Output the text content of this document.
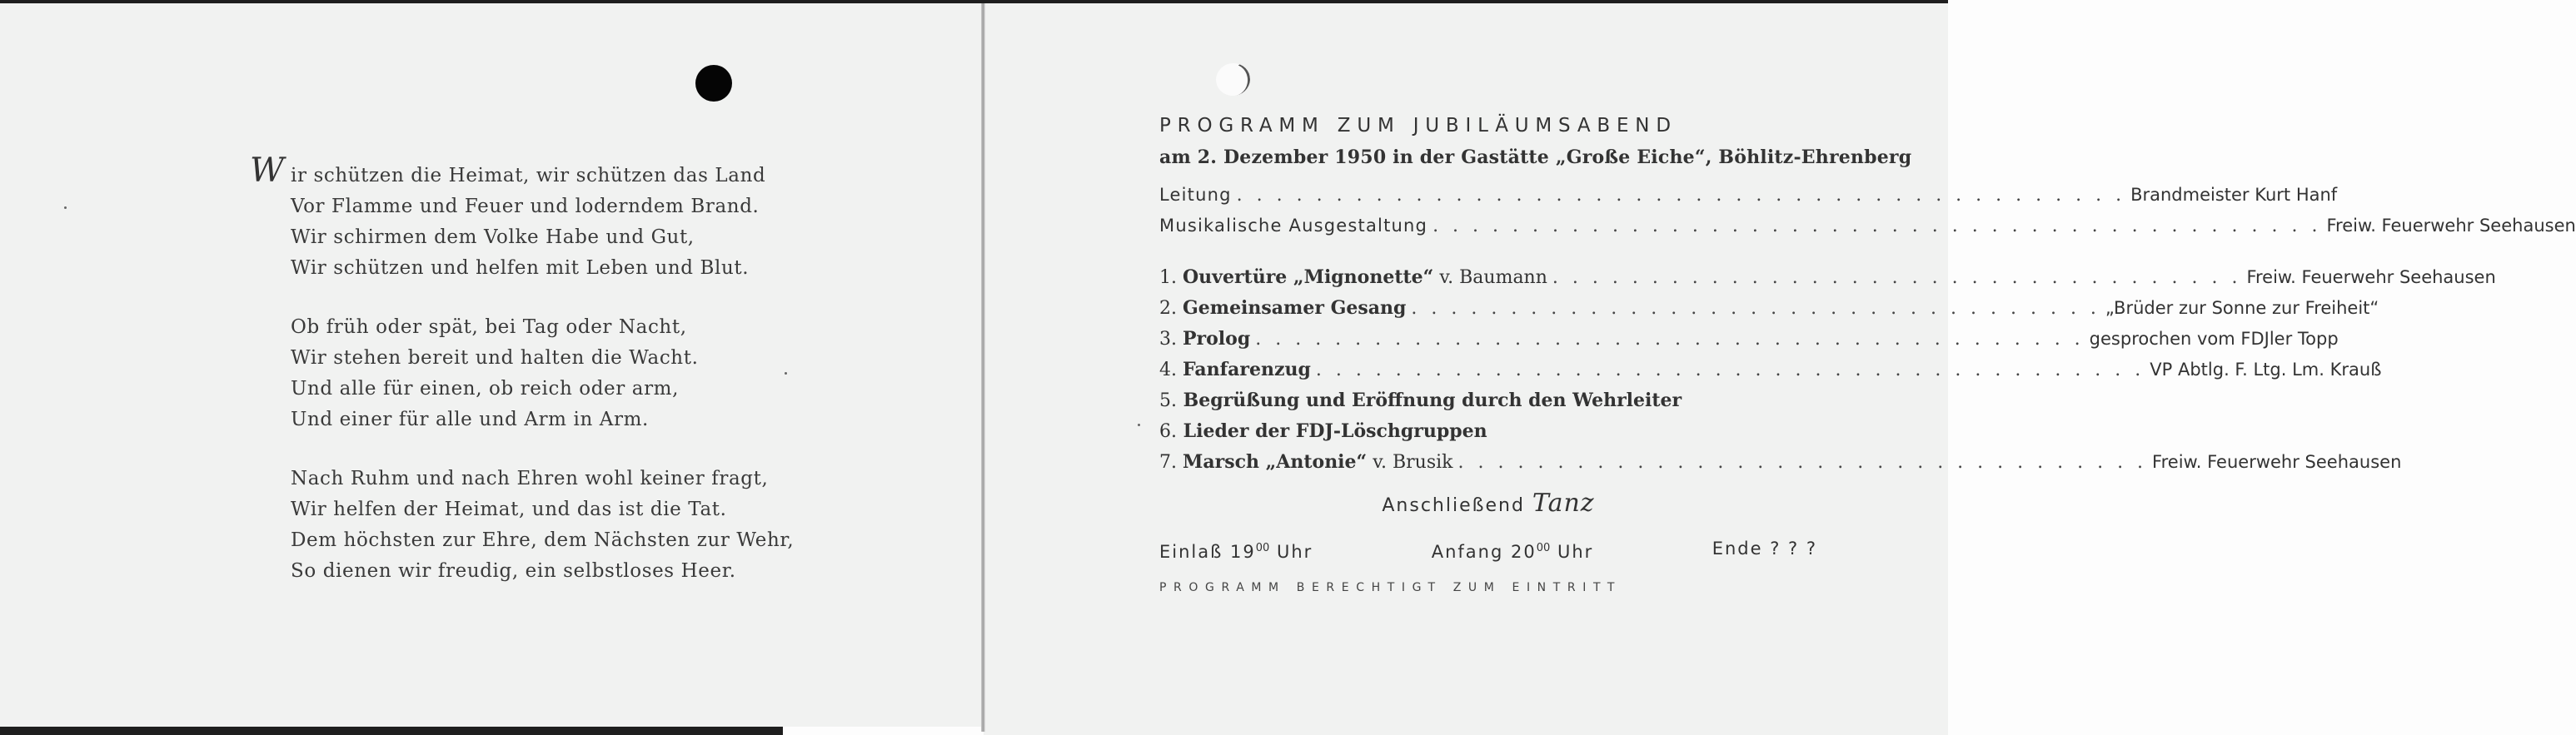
Wir schützen die Heimat, wir schützen das Land
Vor Flamme und Feuer und loderndem Brand.
Wir schirmen dem Volke Habe und Gut,
Wir schützen und helfen mit Leben und Blut.
Ob früh oder spät, bei Tag oder Nacht,
Wir stehen bereit und halten die Wacht.
Und alle für einen, ob reich oder arm,
Und einer für alle und Arm in Arm.
Nach Ruhm und nach Ehren wohl keiner fragt,
Wir helfen der Heimat, und das ist die Tat.
Dem höchsten zur Ehre, dem Nächsten zur Wehr,
So dienen wir freudig, ein selbstloses Heer.
PROGRAMM ZUM JUBILÄUMSABEND
am 2. Dezember 1950 in der Gastätte „Große Eiche“, Böhlitz-Ehrenberg
Leitung . . . . . . . . . . . . . . . . . . . . . . . . . . . . . . . . . . . . . . . . . . . . . Brandmeister Kurt Hanf
Musikalische Ausgestaltung . . . . . . . . . . . . . . . . . . . . . . . . . . . . . . . . . . . . . . . . . . . . . Freiw. Feuerwehr Seehausen
1. Ouvertüre „Mignonette“ v. Baumann . . . . . . . . . . . . . . . . . . . . . . . . . . . . . . . . . . . Freiw. Feuerwehr Seehausen
2. Gemeinsamer Gesang . . . . . . . . . . . . . . . . . . . . . . . . . . . . . . . . . . . „Brüder zur Sonne zur Freiheit“
3. Prolog . . . . . . . . . . . . . . . . . . . . . . . . . . . . . . . . . . . . . . . . . . gesprochen vom FDJler Topp
4. Fanfarenzug . . . . . . . . . . . . . . . . . . . . . . . . . . . . . . . . . . . . . . . . . . VP Abtlg. F. Ltg. Lm. Krauß
5. Begrüßung und Eröffnung durch den Wehrleiter
6. Lieder der FDJ-Löschgruppen
7. Marsch „Antonie“ v. Brusik . . . . . . . . . . . . . . . . . . . . . . . . . . . . . . . . . . . Freiw. Feuerwehr Seehausen
Anschließend Tanz
Einlaß $19^{00}$ Uhr	Anfang $20^{00}$ Uhr	Ende ? ? ?
PROGRAMM BERECHTIGT ZUM EINTRITT
